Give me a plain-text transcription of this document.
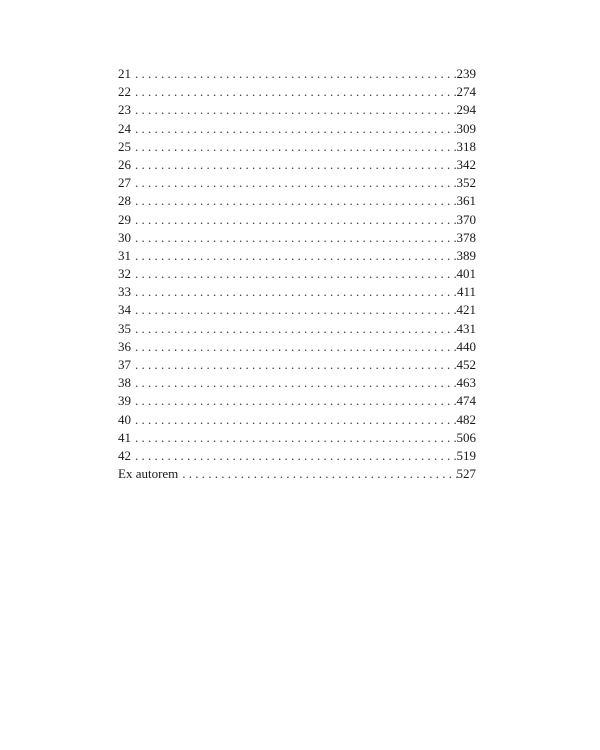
21 . . .	239
22 . . .	274
23 . . .	294
24 . . .	309
25 . . .	318
26 . . .	342
27 . . .	352
28 . . .	361
29 . . .	370
30 . . .	378
31 . . .	389
32 . . .	401
33 . . .	411
34 . . .	421
35 . . .	431
36 . . .	440
37 . . .	452
38 . . .	463
39 . . .	474
40 . . .	482
41 . . .	506
42 . . .	519
Ex autorem . . .	527
